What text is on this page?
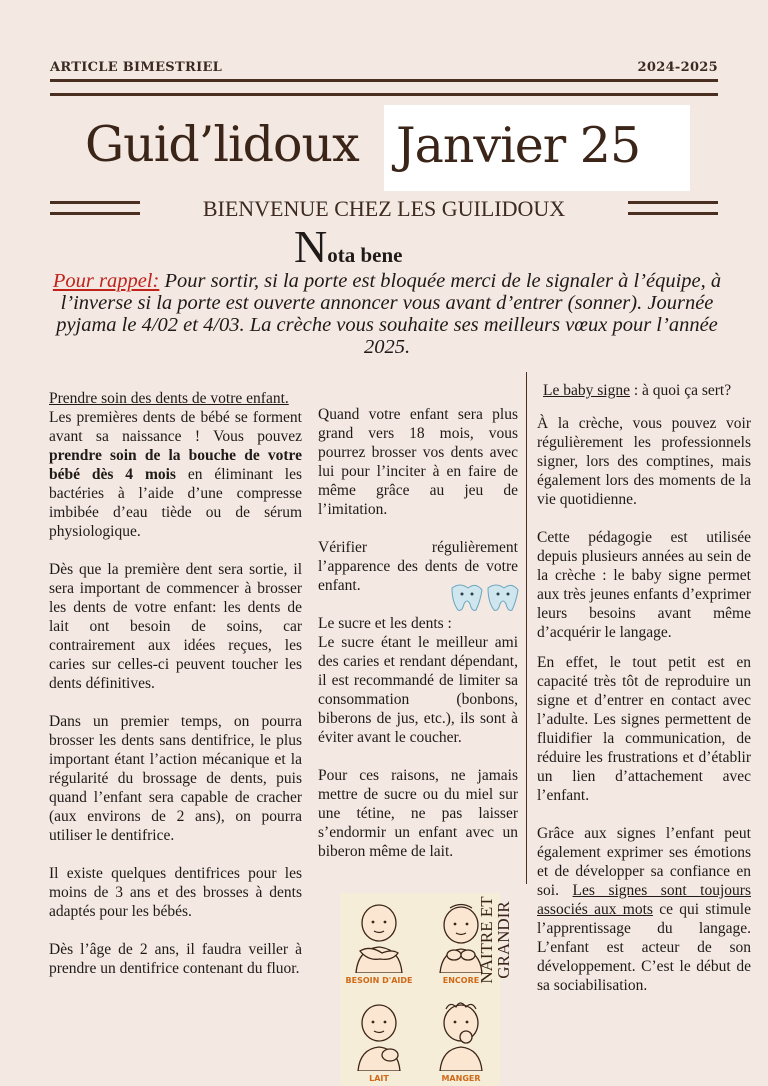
ARTICLE BIMESTRIEL	2024-2025
Guid’lidoux Janvier 25
BIENVENUE CHEZ LES GUILIDOUX
Nota bene
Pour rappel: Pour sortir, si la porte est bloquée merci de le signaler à l’équipe, à l’inverse si la porte est ouverte annoncer vous avant d’entrer (sonner). Journée pyjama le 4/02 et 4/03. La crèche vous souhaite ses meilleurs vœux pour l’année 2025.
Prendre soin des dents de votre enfant.

Les premières dents de bébé se forment avant sa naissance ! Vous pouvez prendre soin de la bouche de votre bébé dès 4 mois en éliminant les bactéries à l’aide d’une compresse imbibée d’eau tiède ou de sérum physiologique.

Dès que la première dent sera sortie, il sera important de commencer à brosser les dents de votre enfant: les dents de lait ont besoin de soins, car contrairement aux idées reçues, les caries sur celles-ci peuvent toucher les dents définitives.

Dans un premier temps, on pourra brosser les dents sans dentifrice, le plus important étant l’action mécanique et la régularité du brossage de dents, puis quand l’enfant sera capable de cracher (aux environs de 2 ans), on pourra utiliser le dentifrice.

Il existe quelques dentifrices pour les moins de 3 ans et des brosses à dents adaptés pour les bébés.

Dès l’âge de 2 ans, il faudra veiller à prendre un dentifrice contenant du fluor.

Quand votre enfant sera plus grand vers 18 mois, vous pourrez brosser vos dents avec lui pour l’inciter à en faire de même grâce au jeu de l’imitation.

Vérifier régulièrement l’apparence des dents de votre enfant.

Le sucre et les dents :
Le sucre étant le meilleur ami des caries et rendant dépendant, il est recommandé de limiter sa consommation (bonbons, biberons de jus, etc.), ils sont à éviter avant le coucher.

Pour ces raisons, ne jamais mettre de sucre ou du miel sur une tétine, ne pas laisser s’endormir un enfant avec un biberon même de lait.

Le baby signe : à quoi ça sert?

À la crèche, vous pouvez voir régulièrement les professionnels signer, lors des comptines, mais également lors des moments de la vie quotidienne.

Cette pédagogie est utilisée depuis plusieurs années au sein de la crèche : le baby signe permet aux très jeunes enfants d’exprimer leurs besoins avant même d’acquérir le langage.

En effet, le tout petit est en capacité très tôt de reproduire un signe et d’entrer en contact avec l’adulte. Les signes permettent de fluidifier la communication, de réduire les frustrations et d’établir un lien d’attachement avec l’enfant.

Grâce aux signes l’enfant peut également exprimer ses émotions et de développer sa confiance en soi. Les signes sont toujours associés aux mots ce qui stimule l’apprentissage du langage. L’enfant est acteur de son développement. C’est le début de sa sociabilisation.

BESOIN D'AIDE	ENCORE
LAIT	MANGER
NAITRE ET
GRANDIR
